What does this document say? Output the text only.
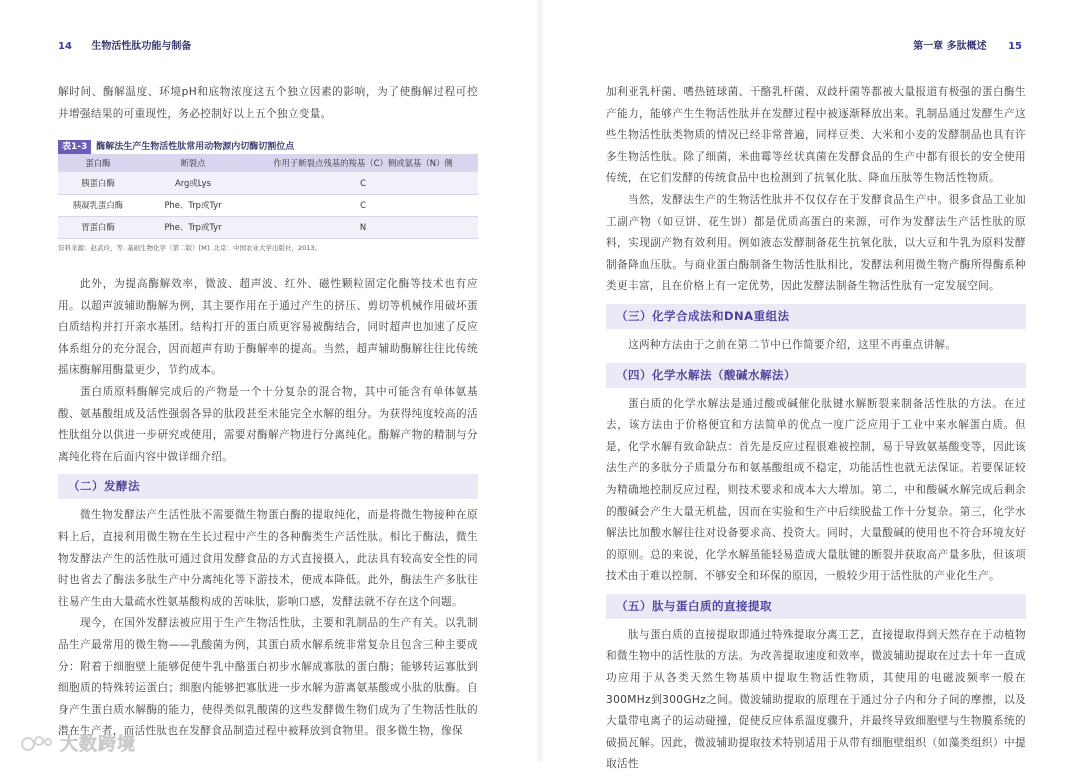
14 生物活性肽功能与制备

解时间、酶解温度、环境pH和底物浓度这五个独立因素的影响，为了使酶解过程可控并增强结果的可重现性，务必控制好以上五个独立变量。

表1-3 酶解法生产生物活性肽常用动物源内切酶切割位点
蛋白酶	断裂点	作用于断裂点残基的羧基（C）侧或氨基（N）侧
胰蛋白酶	Arg或Lys	C
胰凝乳蛋白酶	Phe、Trp或Tyr	C
胃蛋白酶	Phe、Trp或Tyr	N
资料来源：赵武玲，等. 基础生物化学（第二版）[M]. 北京：中国农业大学出版社，2013。

此外，为提高酶解效率，微波、超声波、红外、磁性颗粒固定化酶等技术也有应用。以超声波辅助酶解为例，其主要作用在于通过产生的挤压、剪切等机械作用破坏蛋白质结构并打开亲水基团。结构打开的蛋白质更容易被酶结合，同时超声也加速了反应体系组分的充分混合，因而超声有助于酶解率的提高。当然，超声辅助酶解往往比传统摇床酶解用酶量更少，节约成本。

蛋白质原料酶解完成后的产物是一个十分复杂的混合物，其中可能含有单体氨基酸、氨基酸组成及活性强弱各异的肽段甚至未能完全水解的组分。为获得纯度较高的活性肽组分以供进一步研究或使用，需要对酶解产物进行分离纯化。酶解产物的精制与分离纯化将在后面内容中做详细介绍。

（二）发酵法

微生物发酵法产生活性肽不需要微生物蛋白酶的提取纯化，而是将微生物接种在原料上后，直接利用微生物在生长过程中产生的各种酶类生产活性肽。相比于酶法，微生物发酵法产生的活性肽可通过食用发酵食品的方式直接摄入，此法具有较高安全性的同时也省去了酶法多肽生产中分离纯化等下游技术，使成本降低。此外，酶法生产多肽往往易产生由大量疏水性氨基酸构成的苦味肽，影响口感，发酵法就不存在这个问题。

现今，在国外发酵法被应用于生产生物活性肽，主要和乳制品的生产有关。以乳制品生产最常用的微生物——乳酸菌为例，其蛋白质水解系统非常复杂且包含三种主要成分：附着于细胞壁上能够促使牛乳中酪蛋白初步水解成寡肽的蛋白酶；能够转运寡肽到细胞质的特殊转运蛋白；细胞内能够把寡肽进一步水解为游离氨基酸或小肽的肽酶。自身产生蛋白质水解酶的能力，使得类似乳酸菌的这些发酵微生物们成为了生物活性肽的潜在生产者，而活性肽也在发酵食品制造过程中被释放到食物里。很多微生物，像保

大数跨境
第一章 多肽概述 15

加利亚乳杆菌、嗜热链球菌、干酪乳杆菌、双歧杆菌等都被大量报道有极强的蛋白酶生产能力，能够产生生物活性肽并在发酵过程中被逐渐释放出来。乳制品通过发酵生产这些生物活性肽类物质的情况已经非常普遍，同样豆类、大米和小麦的发酵制品也具有许多生物活性肽。除了细菌，米曲霉等丝状真菌在发酵食品的生产中都有很长的安全使用传统，在它们发酵的传统食品中也检测到了抗氧化肽、降血压肽等生物活性物质。

当然，发酵法生产的生物活性肽并不仅仅存在于发酵食品生产中。很多食品工业加工副产物（如豆饼、花生饼）都是优质高蛋白的来源，可作为发酵法生产活性肽的原料，实现副产物有效利用。例如液态发酵制备花生抗氧化肽，以大豆和牛乳为原料发酵制备降血压肽。与商业蛋白酶制备生物活性肽相比，发酵法利用微生物产酶所得酶系种类更丰富，且在价格上有一定优势，因此发酵法制备生物活性肽有一定发展空间。

（三）化学合成法和DNA重组法

这两种方法由于之前在第二节中已作简要介绍，这里不再重点讲解。

（四）化学水解法（酸碱水解法）

蛋白质的化学水解法是通过酸或碱催化肽键水解断裂来制备活性肽的方法。在过去，该方法由于价格便宜和方法简单的优点一度广泛应用于工业中来水解蛋白质。但是，化学水解有致命缺点：首先是反应过程很难被控制，易于导致氨基酸变等，因此该法生产的多肽分子质量分布和氨基酸组成不稳定，功能活性也就无法保证。若要保证较为精确地控制反应过程，则技术要求和成本大大增加。第二，中和酸碱水解完成后剩余的酸碱会产生大量无机盐，因而在实验和生产中后续脱盐工作十分复杂。第三，化学水解法比加酸水解往往对设备要求高、投资大。同时，大量酸碱的使用也不符合环境友好的原则。总的来说，化学水解虽能轻易造成大量肽键的断裂并获取高产量多肽，但该项技术由于难以控制、不够安全和环保的原因，一般较少用于活性肽的产业化生产。

（五）肽与蛋白质的直接提取

肽与蛋白质的直接提取即通过特殊提取分离工艺，直接提取得到天然存在于动植物和微生物中的活性肽的方法。为改善提取速度和效率，微波辅助提取在过去十年一直成功应用于从各类天然生物基质中提取生物活性物质，其使用的电磁波频率一般在300MHz到300GHz之间。微波辅助提取的原理在于通过分子内和分子间的摩擦，以及大量带电离子的运动碰撞，促使反应体系温度骤升，并最终导致细胞壁与生物膜系统的破损瓦解。因此，微波辅助提取技术特别适用于从带有细胞壁组织（如藻类组织）中提取活性
